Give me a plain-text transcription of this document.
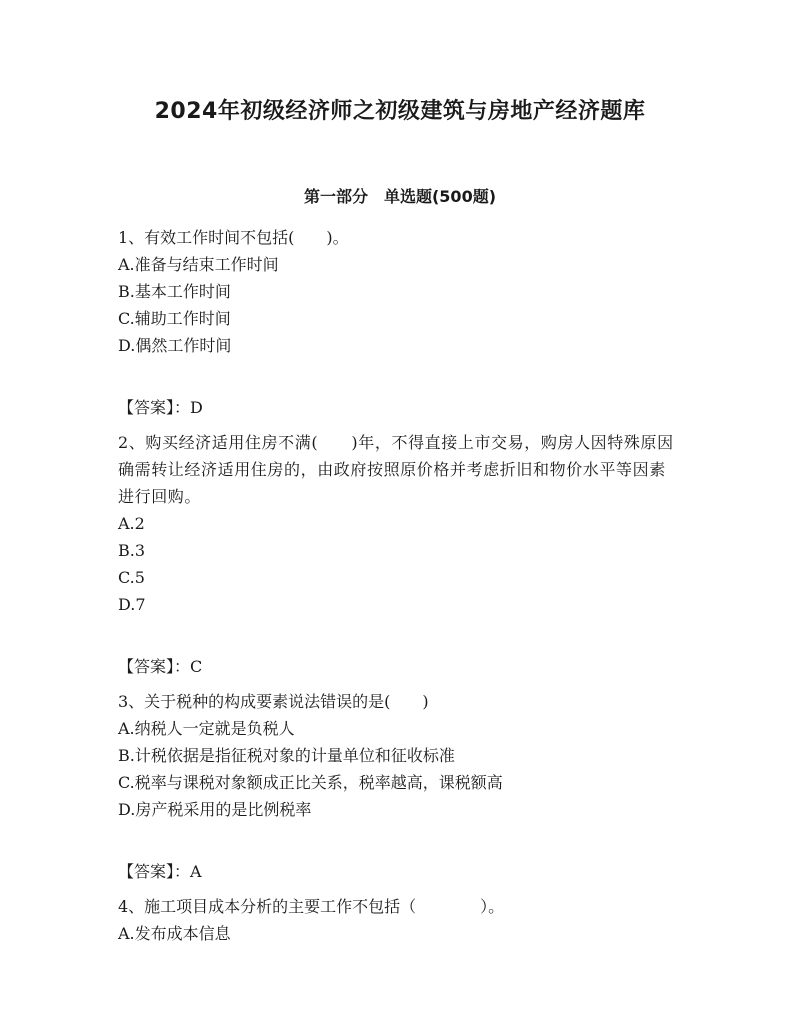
2024年初级经济师之初级建筑与房地产经济题库
第一部分　单选题(500题)
1、有效工作时间不包括(　　)。
A.准备与结束工作时间
B.基本工作时间
C.辅助工作时间
D.偶然工作时间
【答案】：D
2、购买经济适用住房不满(　　)年，不得直接上市交易，购房人因特殊原因确需转让经济适用住房的，由政府按照原价格并考虑折旧和物价水平等因素进行回购。
A.2
B.3
C.5
D.7
【答案】：C
3、关于税种的构成要素说法错误的是(　　)
A.纳税人一定就是负税人
B.计税依据是指征税对象的计量单位和征收标准
C.税率与课税对象额成正比关系，税率越高，课税额高
D.房产税采用的是比例税率
【答案】：A
4、施工项目成本分析的主要工作不包括（　　　　）。
A.发布成本信息
